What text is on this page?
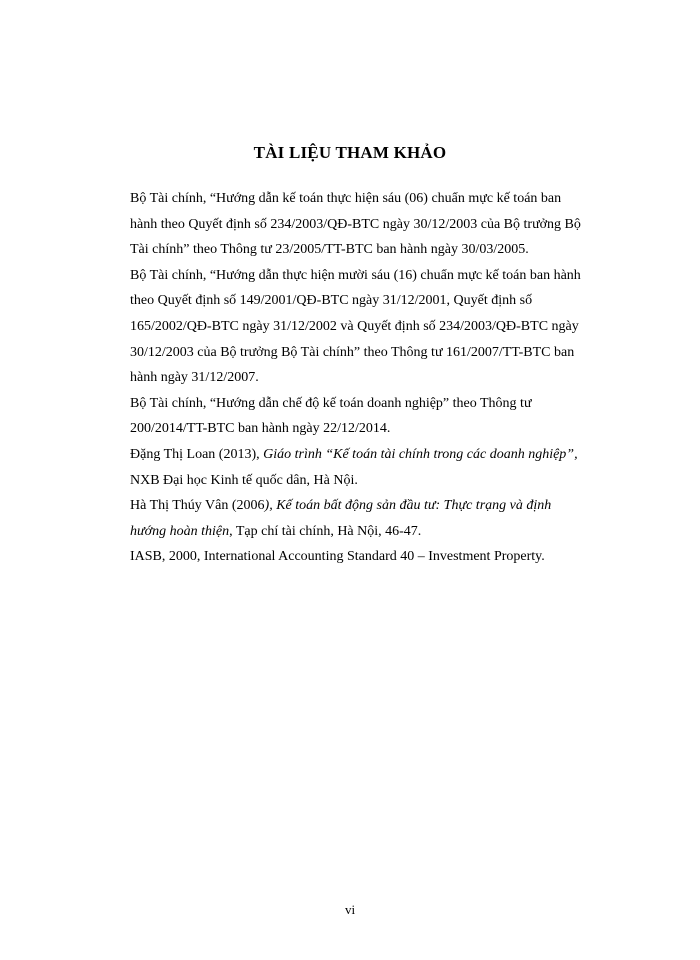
TÀI LIỆU THAM KHẢO
Bộ Tài chính, “Hướng dẫn kế toán thực hiện sáu (06) chuẩn mực kế toán ban
hành theo Quyết định số 234/2003/QĐ-BTC ngày 30/12/2003 của Bộ trưởng Bộ
Tài chính” theo Thông tư 23/2005/TT-BTC ban hành ngày 30/03/2005.
Bộ Tài chính, “Hướng dẫn thực hiện mười sáu (16) chuẩn mực kế toán ban hành
theo Quyết định số 149/2001/QĐ-BTC ngày 31/12/2001, Quyết định số
165/2002/QĐ-BTC ngày 31/12/2002 và Quyết định số 234/2003/QĐ-BTC ngày
30/12/2003 của Bộ trưởng Bộ Tài chính” theo Thông tư 161/2007/TT-BTC ban
hành ngày 31/12/2007.
Bộ Tài chính, “Hướng dẫn chế độ kế toán doanh nghiệp” theo Thông tư
200/2014/TT-BTC ban hành ngày 22/12/2014.
Đặng Thị Loan (2013), Giáo trình “Kế toán tài chính trong các doanh nghiệp”,
NXB Đại học Kinh tế quốc dân, Hà Nội.
Hà Thị Thúy Vân (2006), Kế toán bất động sản đầu tư: Thực trạng và định
hướng hoàn thiện, Tạp chí tài chính, Hà Nội, 46-47.
IASB, 2000, International Accounting Standard 40 – Investment Property.
vi
